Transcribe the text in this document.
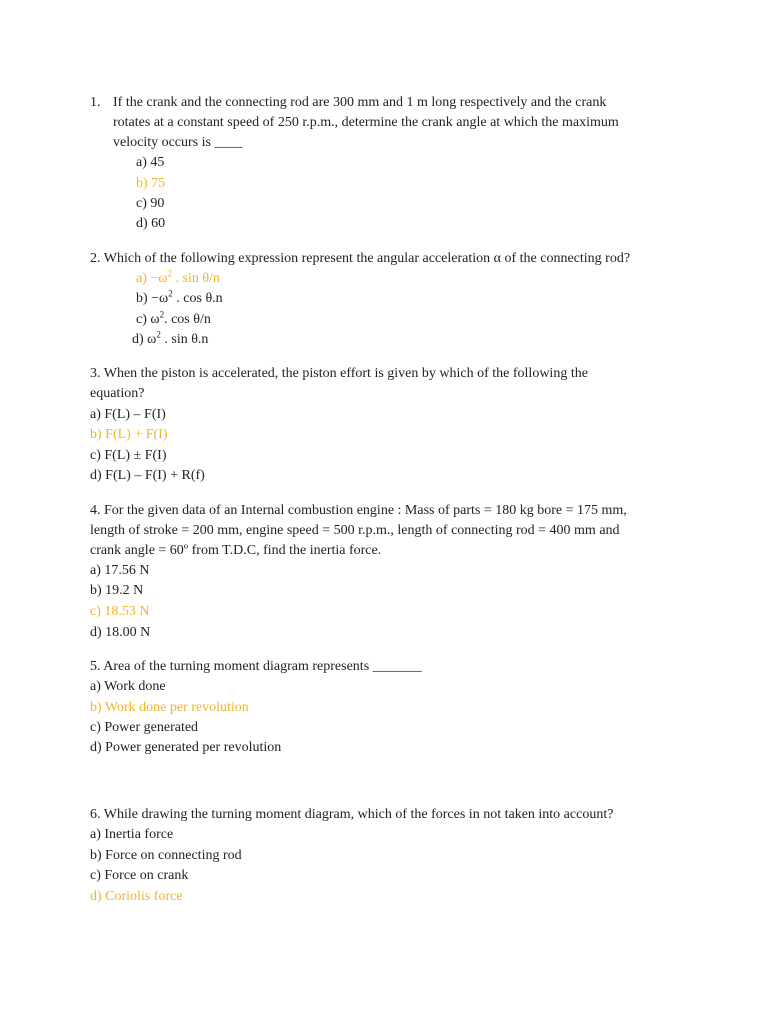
1. If the crank and the connecting rod are 300 mm and 1 m long respectively and the crank
rotates at a constant speed of 250 r.p.m., determine the crank angle at which the maximum
velocity occurs is ____
a) 45
b) 75
c) 90
d) 60
2. Which of the following expression represent the angular acceleration α of the connecting rod?
$a) -\omega^2$ . sin θ/n
$b) -\omega^2$ . cos θ.n
c) $\omega^2$. cos θ/n
d) $\omega^2$ . sin θ.n
3. When the piston is accelerated, the piston effort is given by which of the following the
equation?
a) F(L) – F(I)
b) F(L) + F(I)
c) F(L) ± F(I)
d) F(L) – F(I) + R(f)
4. For the given data of an Internal combustion engine : Mass of parts = 180 kg bore = 175 mm,
length of stroke = 200 mm, engine speed = 500 r.p.m., length of connecting rod = 400 mm and
crank angle = 60º from T.D.C, find the inertia force.
a) 17.56 N
b) 19.2 N
c) 18.53 N
d) 18.00 N
5. Area of the turning moment diagram represents _______
a) Work done
b) Work done per revolution
c) Power generated
d) Power generated per revolution
6. While drawing the turning moment diagram, which of the forces in not taken into account?
a) Inertia force
b) Force on connecting rod
c) Force on crank
d) Coriolis force
